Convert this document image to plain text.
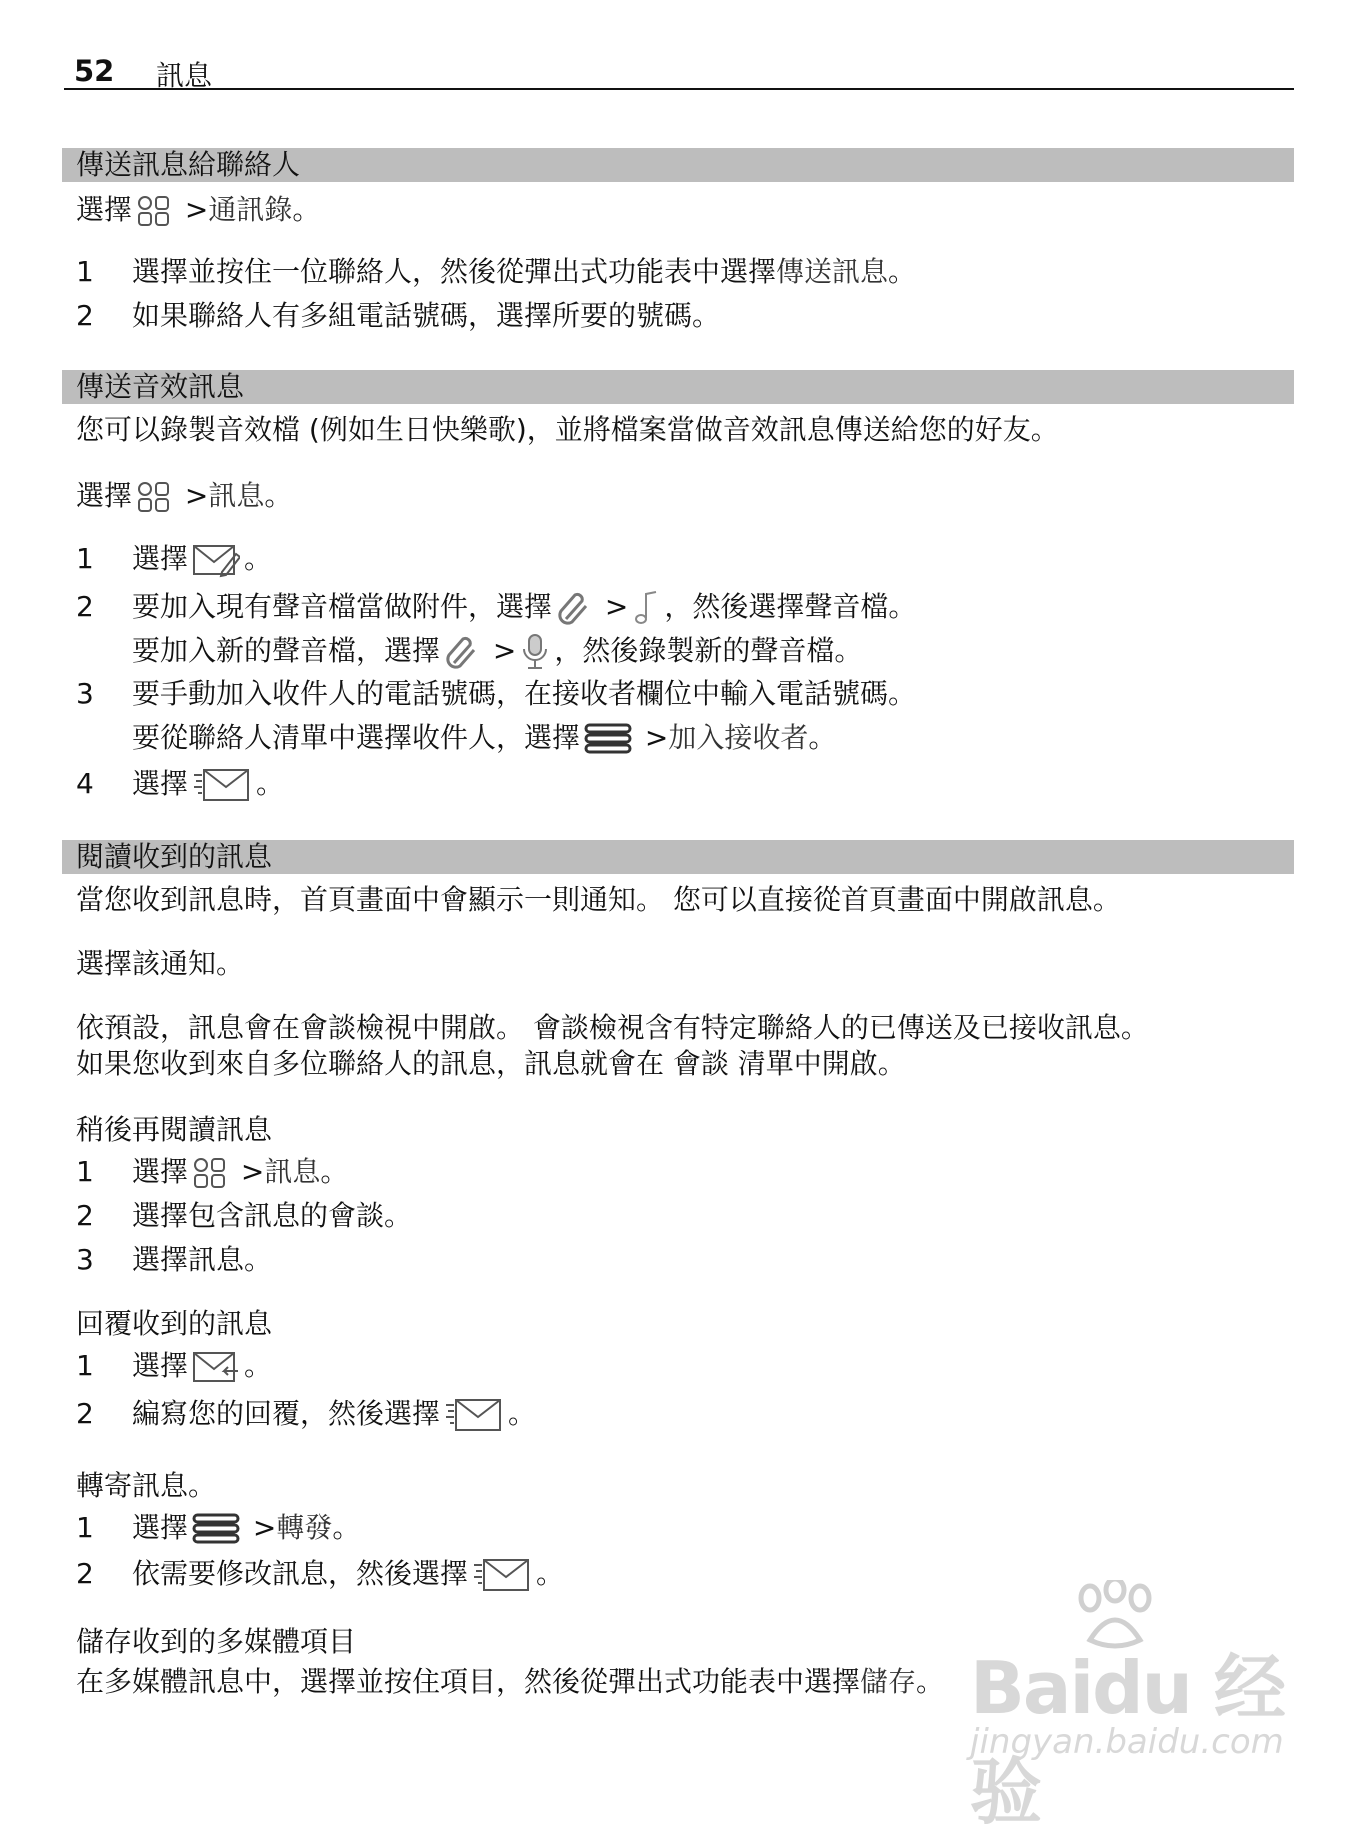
52 訊息
傳送訊息給聯絡人
選擇
>通訊錄。
1 選擇並按住一位聯絡人，然後從彈出式功能表中選擇傳送訊息。
2 如果聯絡人有多組電話號碼，選擇所要的號碼。
傳送音效訊息
您可以錄製音效檔 (例如生日快樂歌)，並將檔案當做音效訊息傳送給您的好友。
選擇
>訊息。
1 選擇 。
2 要加入現有聲音檔當做附件，選擇
> ，然後選擇聲音檔。
要加入新的聲音檔，選擇
> ，然後錄製新的聲音檔。
3 要手動加入收件人的電話號碼，在接收者欄位中輸入電話號碼。
要從聯絡人清單中選擇收件人，選擇
>加入接收者。
4 選擇 。
閱讀收到的訊息
當您收到訊息時，首頁畫面中會顯示一則通知。 您可以直接從首頁畫面中開啟訊息。
選擇該通知。
依預設，訊息會在會談檢視中開啟。 會談檢視含有特定聯絡人的已傳送及已接收訊息。
如果您收到來自多位聯絡人的訊息，訊息就會在 會談 清單中開啟。
稍後再閱讀訊息
1 選擇
>訊息。
2 選擇包含訊息的會談。
3 選擇訊息。
回覆收到的訊息
1 選擇 。
2 編寫您的回覆，然後選擇 。
轉寄訊息。
1 選擇
>轉發。
2 依需要修改訊息，然後選擇 。
儲存收到的多媒體項目
在多媒體訊息中，選擇並按住項目，然後從彈出式功能表中選擇儲存。 Baidu 经验
jingyan.baidu.com
